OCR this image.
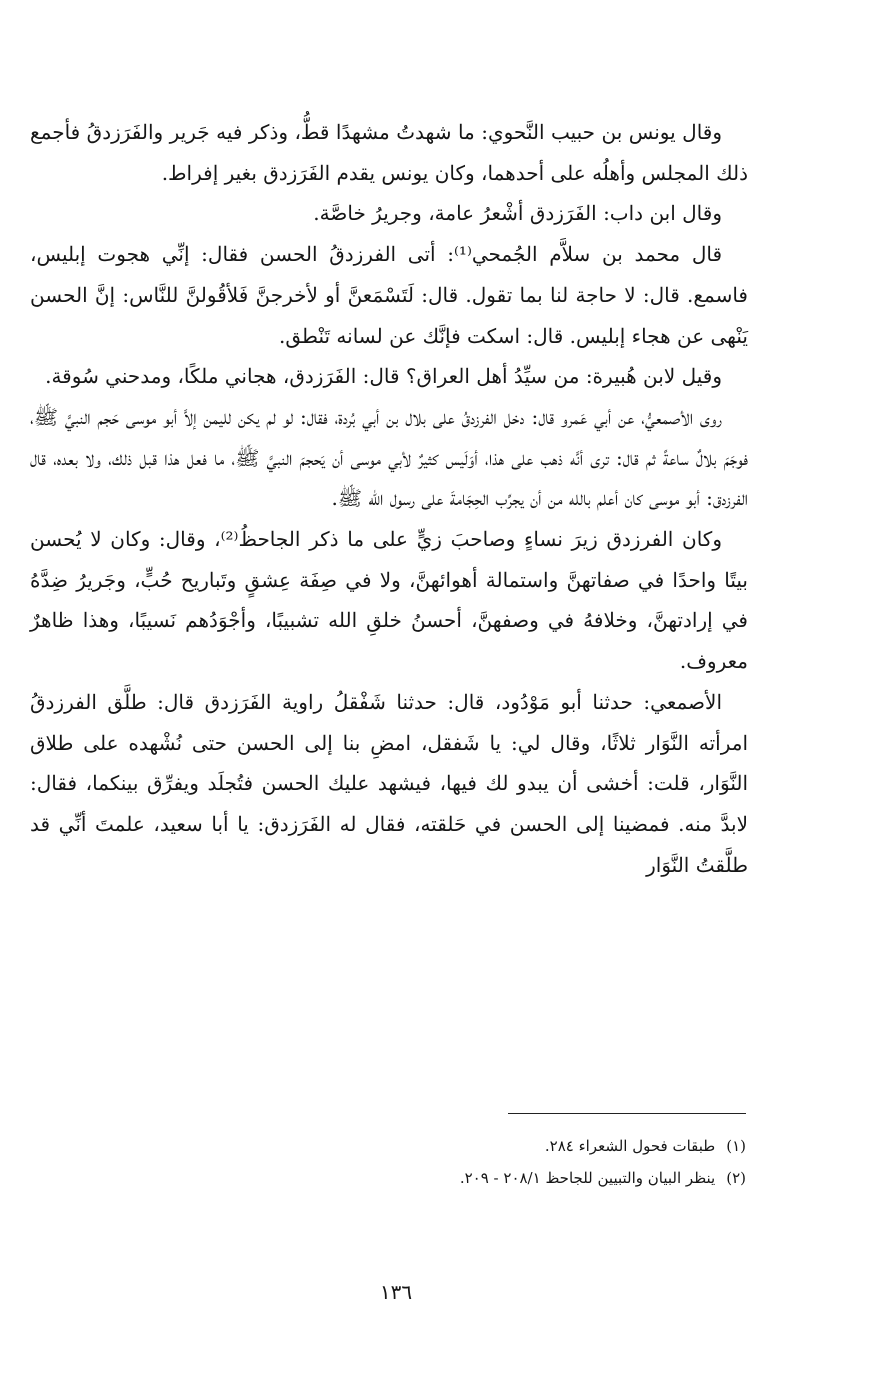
وقال يونس بن حبيب النَّحوي: ما شهدتُ مشهدًا قطُّ، وذكر فيه جَرير والفَرَزدقُ فأجمع ذلك المجلس وأهلُه على أحدهما، وكان يونس يقدم الفَرَزدق بغير إفراط.

وقال ابن داب: الفَرَزدق أشْعرُ عامة، وجريرُ خاصَّة.

قال محمد بن سلاَّم الجُمحي⁽¹⁾: أتى الفرزدقُ الحسن فقال: إنِّي هجوت إبليس، فاسمع. قال: لا حاجة لنا بما تقول. قال: لَتَسْمَعنَّ أو لأخرجنَّ فَلأقُولنَّ للنَّاس: إنَّ الحسن يَنْهى عن هجاء إبليس. قال: اسكت فإنَّك عن لسانه تَنْطق.

وقيل لابن هُبيرة: من سيِّدُ أهل العراق؟ قال: الفَرَزدق، هجاني ملكًا، ومدحني سُوقة.

روى الأصمعيُّ، عن أبي عَمرو قال: دخل الفرزدقُ على بلال بن أبي بُردة، فقال: لو لم يكن لليمن إلاَّ أبو موسى حَجم النبيَّ ﷺ، فوجَمَ بلالٌ ساعةً ثم قال: ترى أنَّه ذهب على هذا، أوَلَيس كثيرٌ لأبي موسى أن يَحجمَ النبيَّ ﷺ، ما فعل هذا قبل ذلك، ولا بعده، قال الفرزدق: أبو موسى كان أعلم بالله من أن يجرِّب الحِجَامةَ على رسول الله ﷺ.

وكان الفرزدق زيرَ نساءٍ وصاحبَ زيٍّ على ما ذكر الجاحظُ⁽²⁾، وقال: وكان لا يُحسن بيتًا واحدًا في صفاتهنَّ واستمالة أهوائهنَّ، ولا في صِفَة عِشقٍ وتَباريح حُبٍّ، وجَريرُ ضِدَّهُ في إرادتهنَّ، وخلافهُ في وصفهنَّ، أحسنُ خلقِ الله تشبيبًا، وأجْوَدُهم نَسيبًا، وهذا ظاهرٌ معروف.

الأصمعي: حدثنا أبو مَوْدُود، قال: حدثنا شَفْقلُ راوية الفَرَزدق قال: طلَّق الفرزدقُ امرأته النَّوَار ثلاثًا، وقال لي: يا شَفقل، امضِ بنا إلى الحسن حتى نُشْهده على طلاق النَّوَار، قلت: أخشى أن يبدو لك فيها، فيشهد عليك الحسن فتُجلَد ويفرِّق بينكما، فقال: لابدَّ منه. فمضينا إلى الحسن في حَلقته، فقال له الفَرَزدق: يا أبا سعيد، علمتَ أنِّي قد طلَّقتُ النَّوَار

(١) طبقات فحول الشعراء ٢٨٤.

(٢) ينظر البيان والتبيين للجاحظ ٢٠٨/١ - ٢٠٩.

١٣٦
